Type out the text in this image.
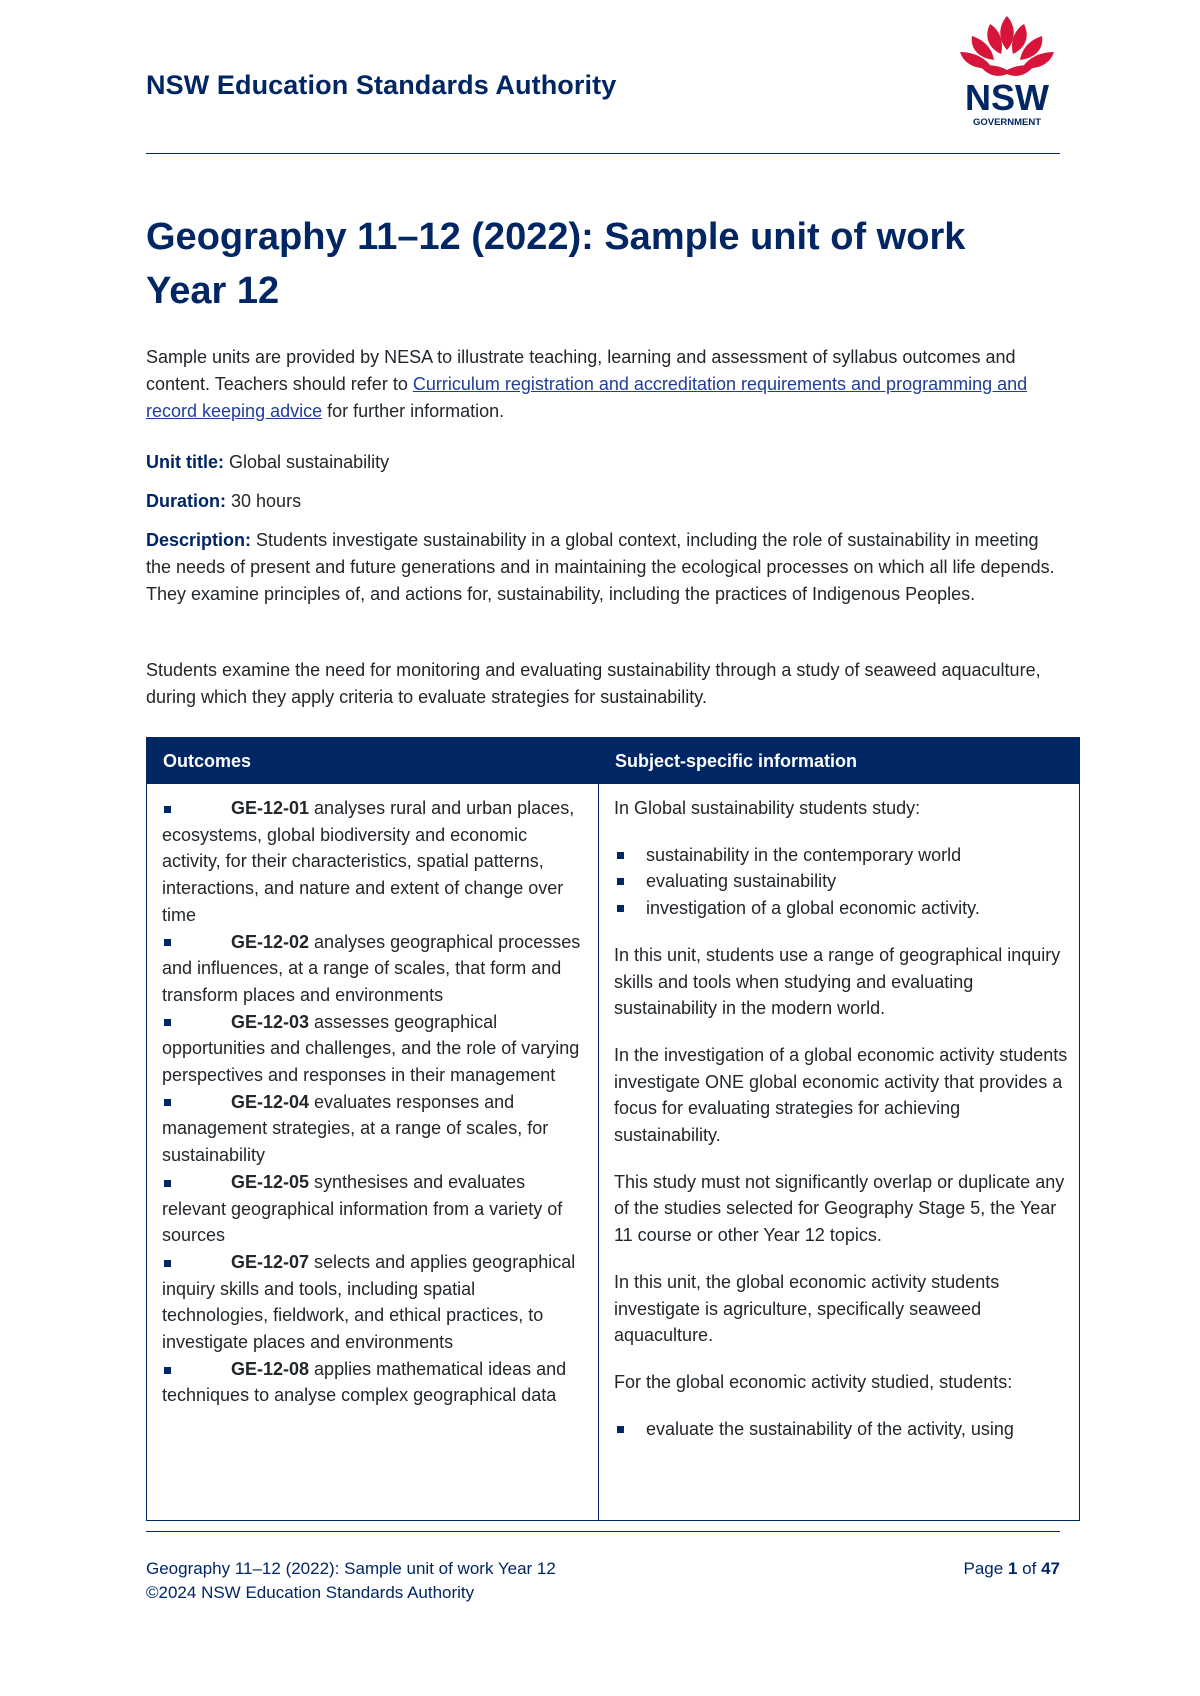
NSW Education Standards Authority	NSW
GOVERNMENT
Geography 11–12 (2022): Sample unit of work
Year 12
Sample units are provided by NESA to illustrate teaching, learning and assessment of syllabus outcomes and content. Teachers should refer to Curriculum registration and accreditation requirements and programming and record keeping advice for further information.
Unit title: Global sustainability
Duration: 30 hours
Description: Students investigate sustainability in a global context, including the role of sustainability in meeting the needs of present and future generations and in maintaining the ecological processes on which all life depends. They examine principles of, and actions for, sustainability, including the practices of Indigenous Peoples.
Students examine the need for monitoring and evaluating sustainability through a study of seaweed aquaculture, during which they apply criteria to evaluate strategies for sustainability.
Outcomes	Subject-specific information
GE-12-01 analyses rural and urban places, ecosystems, global biodiversity and economic activity, for their characteristics, spatial patterns, interactions, and nature and extent of change over time
GE-12-02 analyses geographical processes and influences, at a range of scales, that form and transform places and environments
GE-12-03 assesses geographical opportunities and challenges, and the role of varying perspectives and responses in their management
GE-12-04 evaluates responses and management strategies, at a range of scales, for sustainability
GE-12-05 synthesises and evaluates relevant geographical information from a variety of sources
GE-12-07 selects and applies geographical inquiry skills and tools, including spatial technologies, fieldwork, and ethical practices, to investigate places and environments
GE-12-08 applies mathematical ideas and techniques to analyse complex geographical data

In Global sustainability students study:

sustainability in the contemporary world
evaluating sustainability
investigation of a global economic activity.

In this unit, students use a range of geographical inquiry skills and tools when studying and evaluating sustainability in the modern world.

In the investigation of a global economic activity students investigate ONE global economic activity that provides a focus for evaluating strategies for achieving sustainability.

This study must not significantly overlap or duplicate any of the studies selected for Geography Stage 5, the Year 11 course or other Year 12 topics.

In this unit, the global economic activity students investigate is agriculture, specifically seaweed aquaculture.

For the global economic activity studied, students:

evaluate the sustainability of the activity, using
Geography 11–12 (2022): Sample unit of work Year 12
©2024 NSW Education Standards Authority
Page 1 of 47
